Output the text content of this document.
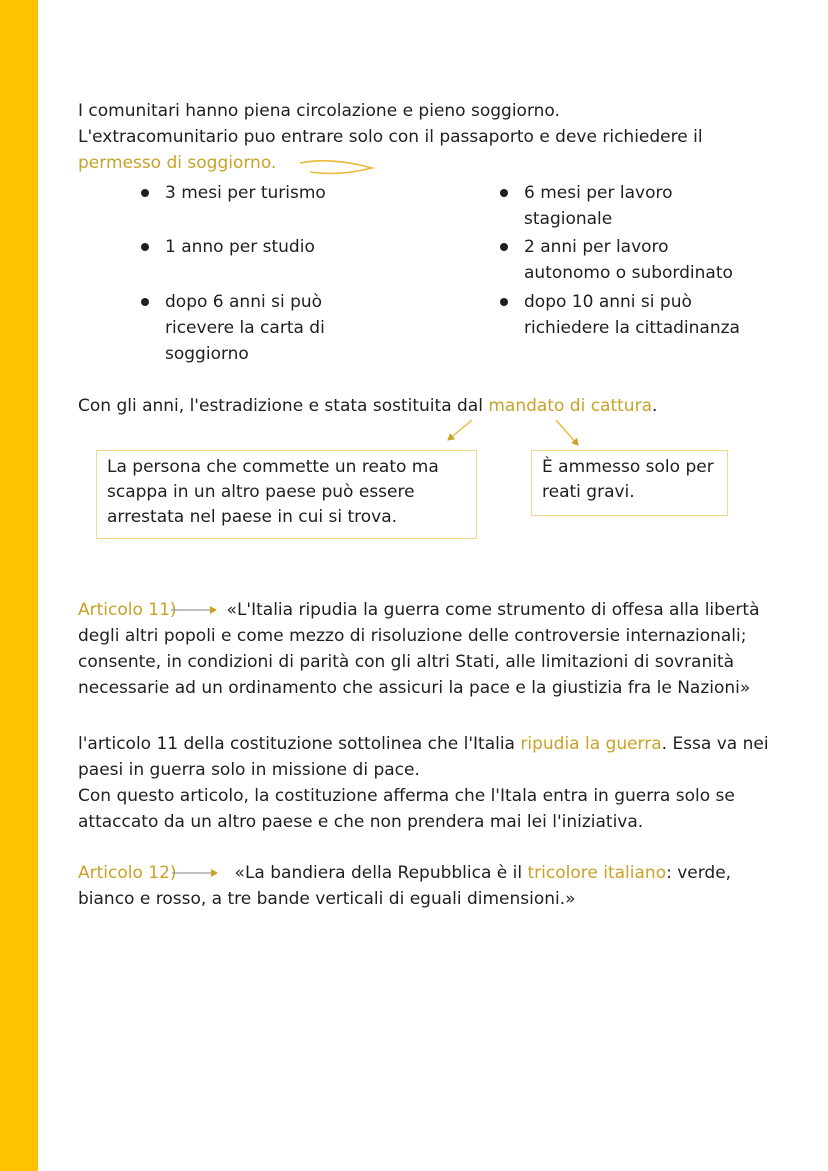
I comunitari hanno piena circolazione e pieno soggiorno.
L'extracomunitario puo entrare solo con il passaporto e deve richiedere il
permesso di soggiorno.
3 mesi per turismo
1 anno per studio
dopo 6 anni si può
ricevere la carta di
soggiorno
6 mesi per lavoro
stagionale
2 anni per lavoro
autonomo o subordinato
dopo 10 anni si può
richiedere la cittadinanza
Con gli anni, l'estradizione e stata sostituita dal mandato di cattura.
La persona che commette un reato ma
scappa in un altro paese può essere
arrestata nel paese in cui si trova.
È ammesso solo per
reati gravi.
Articolo 11)	«L'Italia ripudia la guerra come strumento di offesa alla libertà
degli altri popoli e come mezzo di risoluzione delle controversie internazionali;
consente, in condizioni di parità con gli altri Stati, alle limitazioni di sovranità
necessarie ad un ordinamento che assicuri la pace e la giustizia fra le Nazioni»
l'articolo 11 della costituzione sottolinea che l'Italia ripudia la guerra. Essa va nei
paesi in guerra solo in missione di pace.
Con questo articolo, la costituzione afferma che l'Itala entra in guerra solo se
attaccato da un altro paese e che non prendera mai lei l'iniziativa.
Articolo 12)	«La bandiera della Repubblica è il tricolore italiano: verde,
bianco e rosso, a tre bande verticali di eguali dimensioni.»
